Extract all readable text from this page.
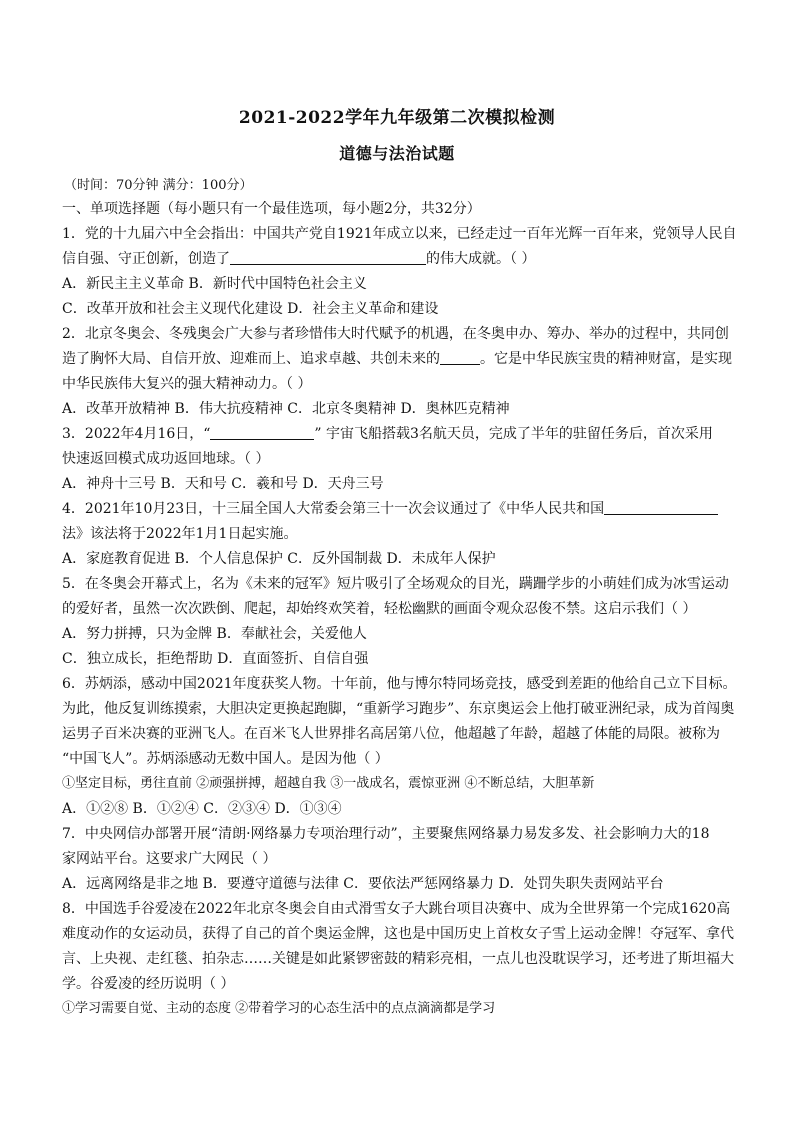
2021-2022学年九年级第二次模拟检测
道德与法治试题
（时间：70分钟 满分：100分）
一、单项选择题（每小题只有一个最佳选项，每小题2分，共32分）
1．党的十九届六中全会指出：中国共产党自1921年成立以来，已经走过一百年光辉一百年来，党领导人民自
信自强、守正创新，创造了	的伟大成就。（ ）
A．新民主主义革命 B．新时代中国特色社会主义
C．改革开放和社会主义现代化建设 D．社会主义革命和建设
2．北京冬奥会、冬残奥会广大参与者珍惜伟大时代赋予的机遇，在冬奥申办、筹办、举办的过程中，共同创
造了胸怀大局、自信开放、迎难而上、追求卓越、共创未来的	。它是中华民族宝贵的精神财富，是实现
中华民族伟大复兴的强大精神动力。（ ）
A．改革开放精神 B．伟大抗疫精神 C．北京冬奥精神 D．奥林匹克精神
3．2022年4月16日，“	” 宇宙飞船搭载3名航天员，完成了半年的驻留任务后，首次采用
快速返回模式成功返回地球。（ ）
A．神舟十三号 B．天和号 C．羲和号 D．天舟三号
4．2021年10月23日，十三届全国人大常委会第三十一次会议通过了《中华人民共和国
法》该法将于2022年1月1日起实施。
A．家庭教育促进 B．个人信息保护 C．反外国制裁 D．未成年人保护
5．在冬奥会开幕式上，名为《未来的冠军》短片吸引了全场观众的目光，蹒跚学步的小萌娃们成为冰雪运动
的爱好者，虽然一次次跌倒、爬起，却始终欢笑着，轻松幽默的画面令观众忍俊不禁。这启示我们（ ）
A．努力拼搏，只为金牌 B．奉献社会，关爱他人
C．独立成长，拒绝帮助 D．直面签折、自信自强
6．苏炳添，感动中国2021年度获奖人物。十年前，他与博尔特同场竞技，感受到差距的他给自己立下目标。
为此，他反复训练摸索，大胆决定更换起跑脚，“重新学习跑步”、东京奥运会上他打破亚洲纪录，成为首闯奥
运男子百米决赛的亚洲飞人。在百米飞人世界排名高居第八位，他超越了年龄，超越了体能的局限。被称为
“中国飞人”。苏炳添感动无数中国人。是因为他（ ）
①坚定目标，勇往直前 ②顽强拼搏，超越自我 ③一战成名，震惊亚洲 ④不断总结，大胆革新
A．①②⑧ B．①②④ C．②③④ D．①③④
7．中央网信办部署开展“清朗·网络暴力专项治理行动”，主要聚焦网络暴力易发多发、社会影响力大的18
家网站平台。这要求广大网民（ ）
A．远离网络是非之地 B．要遵守道德与法律 C．要依法严惩网络暴力 D．处罚失职失责网站平台
8．中国选手谷爱凌在2022年北京冬奥会自由式滑雪女子大跳台项目决赛中、成为全世界第一个完成1620高
难度动作的女运动员，获得了自己的首个奥运金牌，这也是中国历史上首枚女子雪上运动金牌！夺冠军、拿代
言、上央视、走红毯、拍杂志……关键是如此紧锣密鼓的精彩亮相，一点儿也没耽误学习，还考进了斯坦福大
学。谷爱凌的经历说明（ ）
①学习需要自觉、主动的态度 ②带着学习的心态生活中的点点滴滴都是学习
